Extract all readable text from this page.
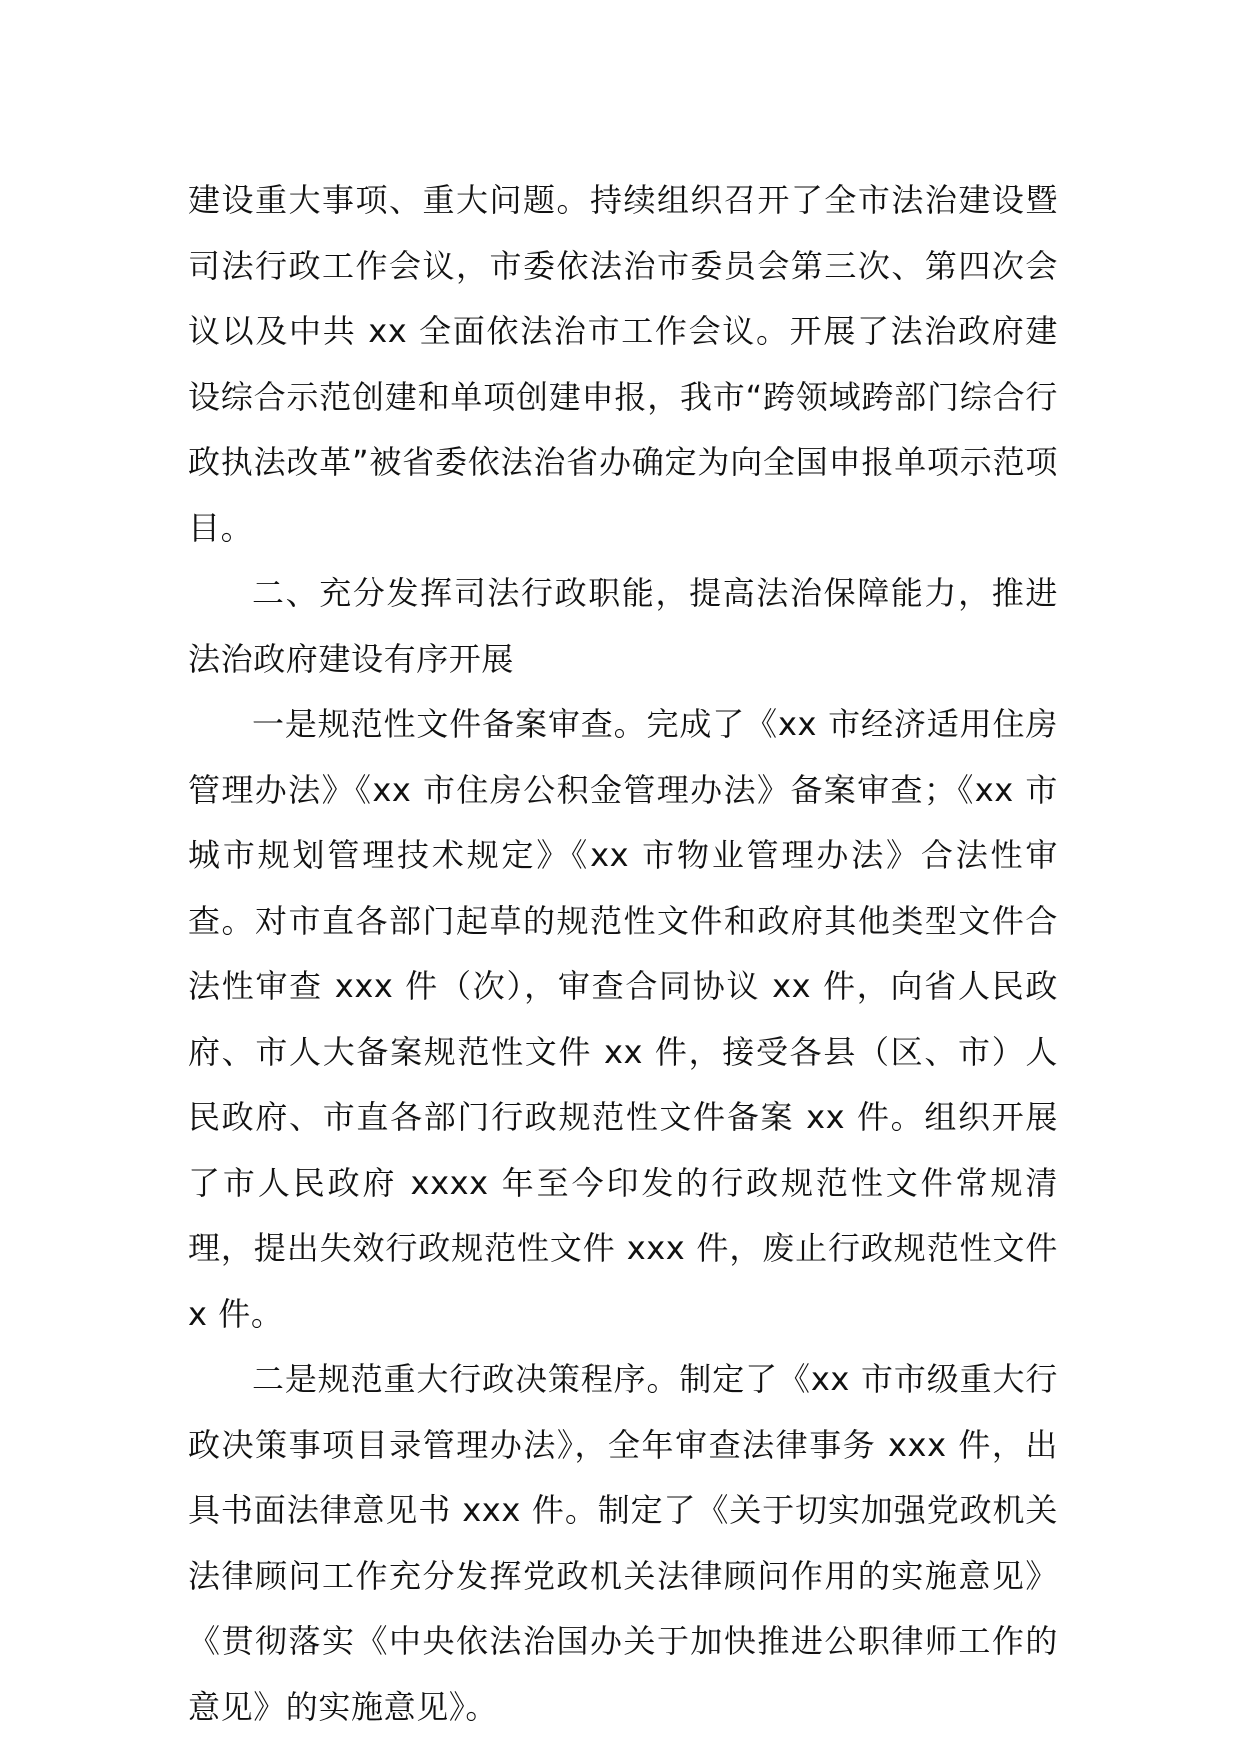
建设重大事项、重大问题。持续组织召开了全市法治建设暨司法行政工作会议，市委依法治市委员会第三次、第四次会议以及中共 xx 全面依法治市工作会议。开展了法治政府建设综合示范创建和单项创建申报，我市“跨领域跨部门综合行政执法改革”被省委依法治省办确定为向全国申报单项示范项目。

二、充分发挥司法行政职能，提高法治保障能力，推进法治政府建设有序开展

一是规范性文件备案审查。完成了《xx 市经济适用住房管理办法》《xx 市住房公积金管理办法》备案审查；《xx 市城市规划管理技术规定》《xx 市物业管理办法》合法性审查。对市直各部门起草的规范性文件和政府其他类型文件合法性审查 xxx 件（次），审查合同协议 xx 件，向省人民政府、市人大备案规范性文件 xx 件，接受各县（区、市）人民政府、市直各部门行政规范性文件备案 xx 件。组织开展了市人民政府 xxxx 年至今印发的行政规范性文件常规清理，提出失效行政规范性文件 xxx 件，废止行政规范性文件 x 件。

二是规范重大行政决策程序。制定了《xx 市市级重大行政决策事项目录管理办法》，全年审查法律事务 xxx 件，出具书面法律意见书 xxx 件。制定了《关于切实加强党政机关法律顾问工作充分发挥党政机关法律顾问作用的实施意见》《贯彻落实《中央依法治国办关于加快推进公职律师工作的意见》的实施意见》。
